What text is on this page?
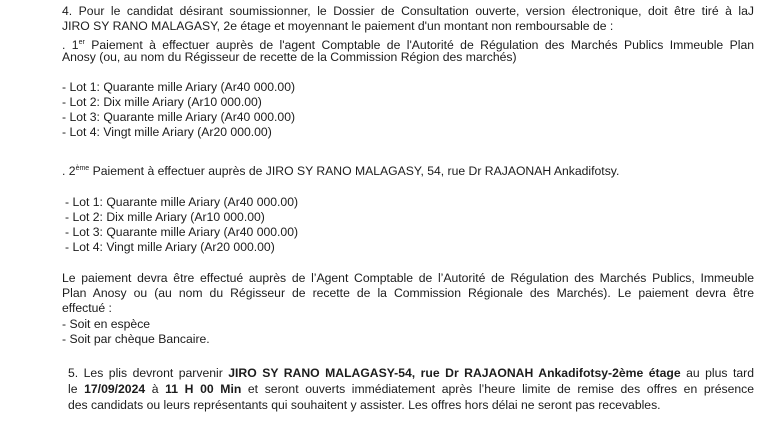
4. Pour le candidat désirant soumissionner, le Dossier de Consultation ouverte, version électronique, doit être tiré à laJ
JIRO SY RANO MALAGASY, 2e étage et moyennant le paiement d'un montant non remboursable de :
. 1er Paiement à effectuer auprès de l'agent Comptable de l'Autorité de Régulation des Marchés Publics Immeuble Plan
Anosy (ou, au nom du Régisseur de recette de la Commission Région des marchés)
- Lot 1: Quarante mille Ariary (Ar40 000.00)
- Lot 2: Dix mille Ariary (Ar10 000.00)
- Lot 3: Quarante mille Ariary (Ar40 000.00)
- Lot 4: Vingt mille Ariary (Ar20 000.00)
. 2ème Paiement à effectuer auprès de JIRO SY RANO MALAGASY, 54, rue Dr RAJAONAH Ankadifotsy.
- Lot 1: Quarante mille Ariary (Ar40 000.00)
- Lot 2: Dix mille Ariary (Ar10 000.00)
- Lot 3: Quarante mille Ariary (Ar40 000.00)
- Lot 4: Vingt mille Ariary (Ar20 000.00)
Le paiement devra être effectué auprès de l’Agent Comptable de l’Autorité de Régulation des Marchés Publics, Immeuble
Plan Anosy ou (au nom du Régisseur de recette de la Commission Régionale des Marchés). Le paiement devra être
effectué :
- Soit en espèce
- Soit par chèque Bancaire.
5. Les plis devront parvenir JIRO SY RANO MALAGASY-54, rue Dr RAJAONAH Ankadifotsy-2ème étage au plus tard
le 17/09/2024 à 11 H 00 Min et seront ouverts immédiatement après l’heure limite de remise des offres en présence
des candidats ou leurs représentants qui souhaitent y assister. Les offres hors délai ne seront pas recevables.
